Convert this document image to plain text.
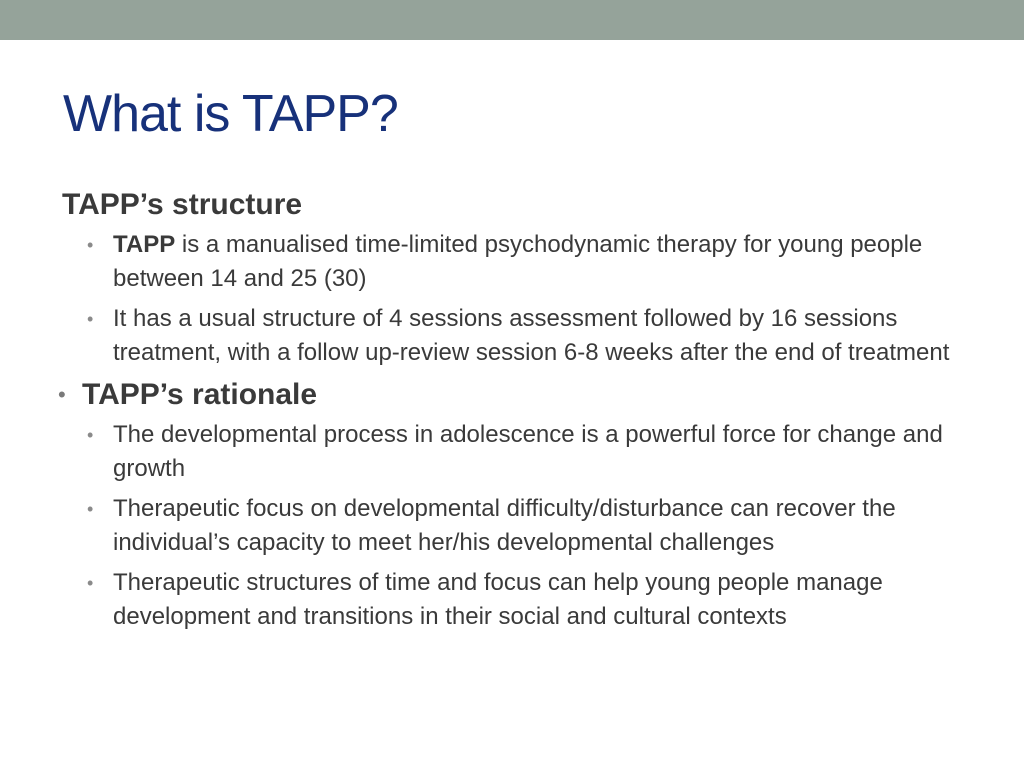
What is TAPP?
TAPP’s structure
• TAPP is a manualised time-limited psychodynamic therapy for young people between 14 and 25 (30)
• It has a usual structure of 4 sessions assessment followed by 16 sessions treatment, with a follow up-review session 6-8 weeks after the end of treatment
• TAPP’s rationale
• The developmental process in adolescence is a powerful force for change and growth
• Therapeutic focus on developmental difficulty/disturbance can recover the individual’s capacity to meet her/his developmental challenges
• Therapeutic structures of time and focus can help young people manage development and transitions in their social and cultural contexts
